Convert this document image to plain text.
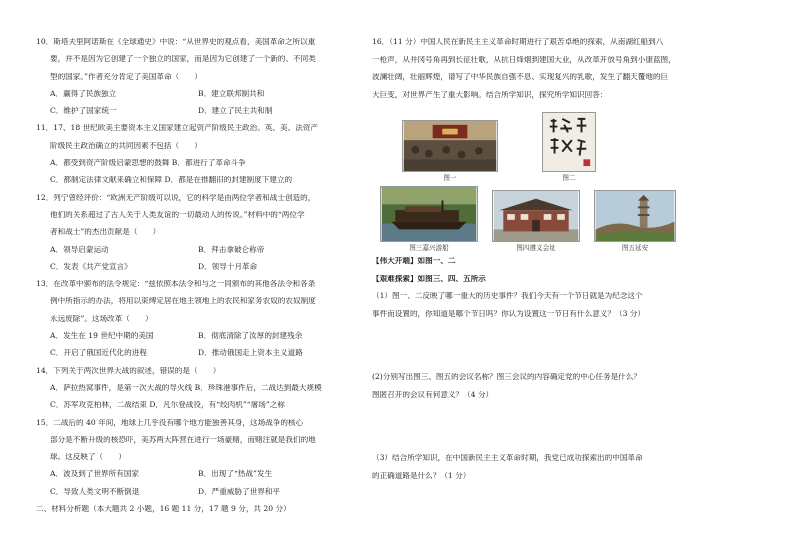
10．斯塔夫里阿诺斯在《全球通史》中说：“从世界史的观点看，美国革命之所以重
要，并不是因为它创建了一个独立的国家，而是因为它创建了一个新的、不同类
型的国家。”作者充分肯定了美国革命（　　）
A．赢得了民族独立	B．建立联邦制共和
C．维护了国家统一	D．建立了民主共和制
11．17、18 世纪欧美主要资本主义国家建立起资产阶级民主政治。英、美、法资产
阶级民主政治确立的共同因素不包括（　　）
A．都受到资产阶级启蒙思想的鼓舞 B．都进行了革命斗争
C．都制定法律文献来确立和保障 D．都是在推翻旧的封建制度下建立的
12．列宁曾经评价：“欧洲无产阶级可以说，它的科学是由两位学者和战士创造的，
他们的关系超过了古人关于人类友谊的一切最动人的传说。”材料中的“两位学
者和战士”的杰出贡献是（　　）
A．领导启蒙运动	B．拜击拿破仑称帝
C．发表《共产党宣言》	D．领导十月革命
13．在改革中颁布的法令规定：“兹依照本法令和与之一同颁布的其他各法令和各条
例中所指示的办法，将用以束缚定居在地主领地上的农民和家务农奴的农奴制度
永远废除”。这场改革（　　）
A．发生在 19 世纪中期的美国	B．彻底清除了汝厚的封建残余
C．开启了俄国近代化的进程	D．推动俄国走上资本主义道路
14．下列关于两次世界大战的叙述，错误的是（　　）
A．萨拉热窝事件，是第一次大战的导火线 B．珍珠港事件后，二战达到最大规模
C．苏军攻克柏林，二战结束 D．凡尔登战役，有“绞肉机”“屠场”之称
15．二战后的 40 年间，地球上几乎没有哪个地方能独善其身，这场战争的核心
部分是不断升级的核恐吓，美苏两大阵营在进行一场豪赌，而赌注就是我们的地
球。这反映了（　　）
A．波及到了世界所有国家	B．出现了“热战”发生
C．导致人类文明不断倒退	D．严重威胁了世界和平
二、材料分析题（本大题共 2 小题，16 题 11 分，17 题 9 分，共 20 分）
16．（11 分）中国人民在新民主主义革命时期进行了艰苦卓绝的探索，从南湖红船到八
一枪声，从井冈号角再到长征壮歌，从抗日烽烟到建国大业，从改革开放号角到小康蓝图，
波澜壮阔，壮丽辉煌，谱写了中华民族自强不息、实现复兴的乳歌，发生了翻天覆地的巨
大巨变，对世界产生了重大影响。结合所学知识，探究所学知识回答：
图一	图二
图三嘉兴游船	图四遵义会址	图五延安
【伟大开端】如图一、二
【艰难探索】如图三、四、五所示
（1）图一、二反映了哪一重大的历史事件？我们今天有一个节日就是为纪念这个
事件而设置的，你知道是哪个节日吗？你认为设置这一节日有什么意义？（3 分）
(2)分别写出图三、图五的会议名称？图三会议的内容确定党的中心任务是什么？
图匿召开的会议有何意义？（4 分）
（3）结合所学知识，在中国新民主主义革命时期，我党已成功探索出的中国革命
的正确道路是什么？（1 分）
